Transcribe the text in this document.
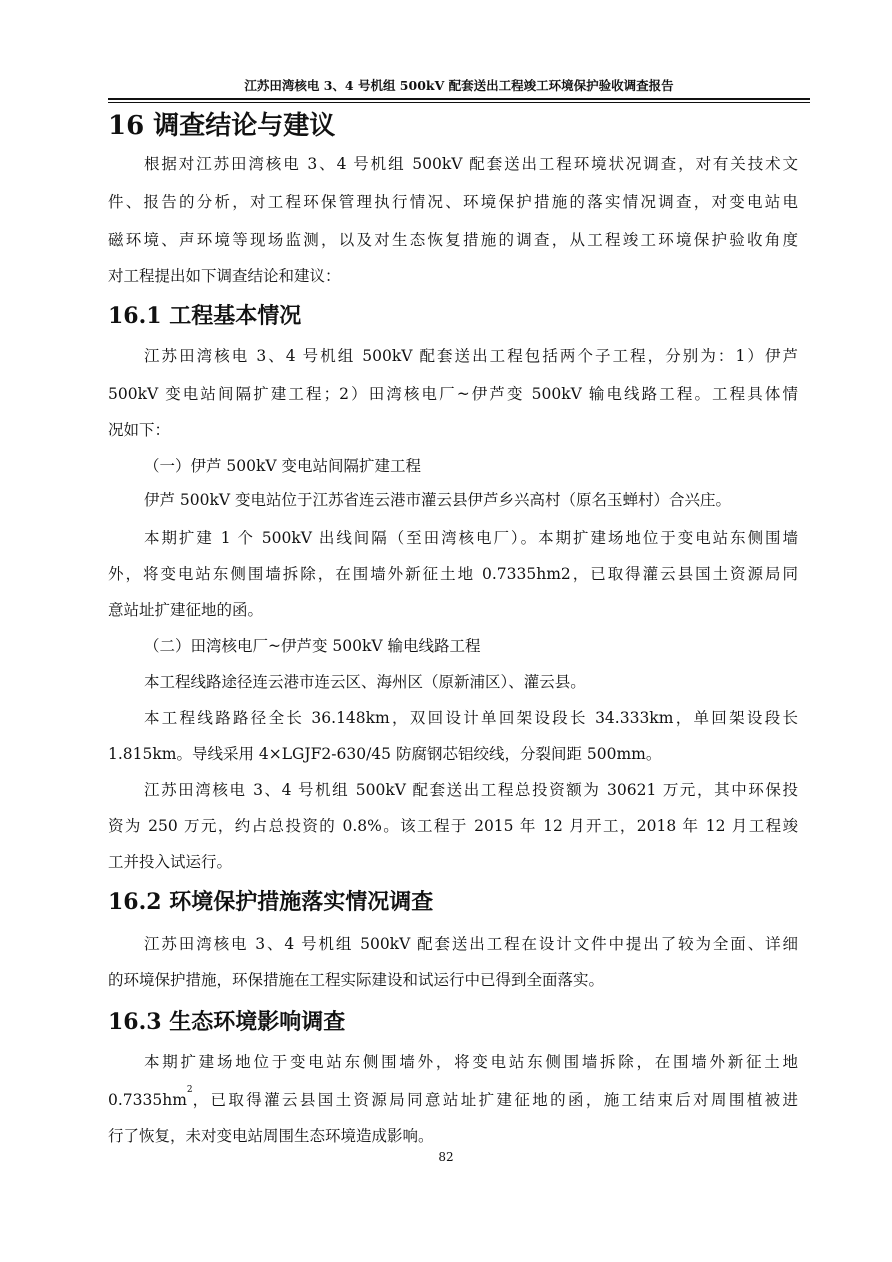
江苏田湾核电 3、4 号机组 500kV 配套送出工程竣工环境保护验收调查报告
16 调查结论与建议
根据对江苏田湾核电 3、4 号机组 500kV 配套送出工程环境状况调查，对有关技术文
件、报告的分析，对工程环保管理执行情况、环境保护措施的落实情况调查，对变电站电
磁环境、声环境等现场监测，以及对生态恢复措施的调查，从工程竣工环境保护验收角度
对工程提出如下调查结论和建议：
16.1 工程基本情况
江苏田湾核电 3、4 号机组 500kV 配套送出工程包括两个子工程，分别为：1）伊芦
500kV 变电站间隔扩建工程；2）田湾核电厂~伊芦变 500kV 输电线路工程。工程具体情
况如下：
（一）伊芦 500kV 变电站间隔扩建工程
伊芦 500kV 变电站位于江苏省连云港市灌云县伊芦乡兴高村（原名玉蝉村）合兴庄。
本期扩建 1 个 500kV 出线间隔（至田湾核电厂）。本期扩建场地位于变电站东侧围墙
外，将变电站东侧围墙拆除，在围墙外新征土地 0.7335hm2，已取得灌云县国土资源局同
意站址扩建征地的函。
（二）田湾核电厂~伊芦变 500kV 输电线路工程
本工程线路途径连云港市连云区、海州区（原新浦区）、灌云县。
本工程线路路径全长 36.148km，双回设计单回架设段长 34.333km，单回架设段长
1.815km。导线采用 4×LGJF2-630/45 防腐钢芯铝绞线，分裂间距 500mm。
江苏田湾核电 3、4 号机组 500kV 配套送出工程总投资额为 30621 万元，其中环保投
资为 250 万元，约占总投资的 0.8%。该工程于 2015 年 12 月开工，2018 年 12 月工程竣
工并投入试运行。
16.2 环境保护措施落实情况调查
江苏田湾核电 3、4 号机组 500kV 配套送出工程在设计文件中提出了较为全面、详细
的环境保护措施，环保措施在工程实际建设和试运行中已得到全面落实。
16.3 生态环境影响调查
本期扩建场地位于变电站东侧围墙外，将变电站东侧围墙拆除，在围墙外新征土地
0.7335hm
2
，已取得灌云县国土资源局同意站址扩建征地的函，施工结束后对周围植被进
行了恢复，未对变电站周围生态环境造成影响。
82
